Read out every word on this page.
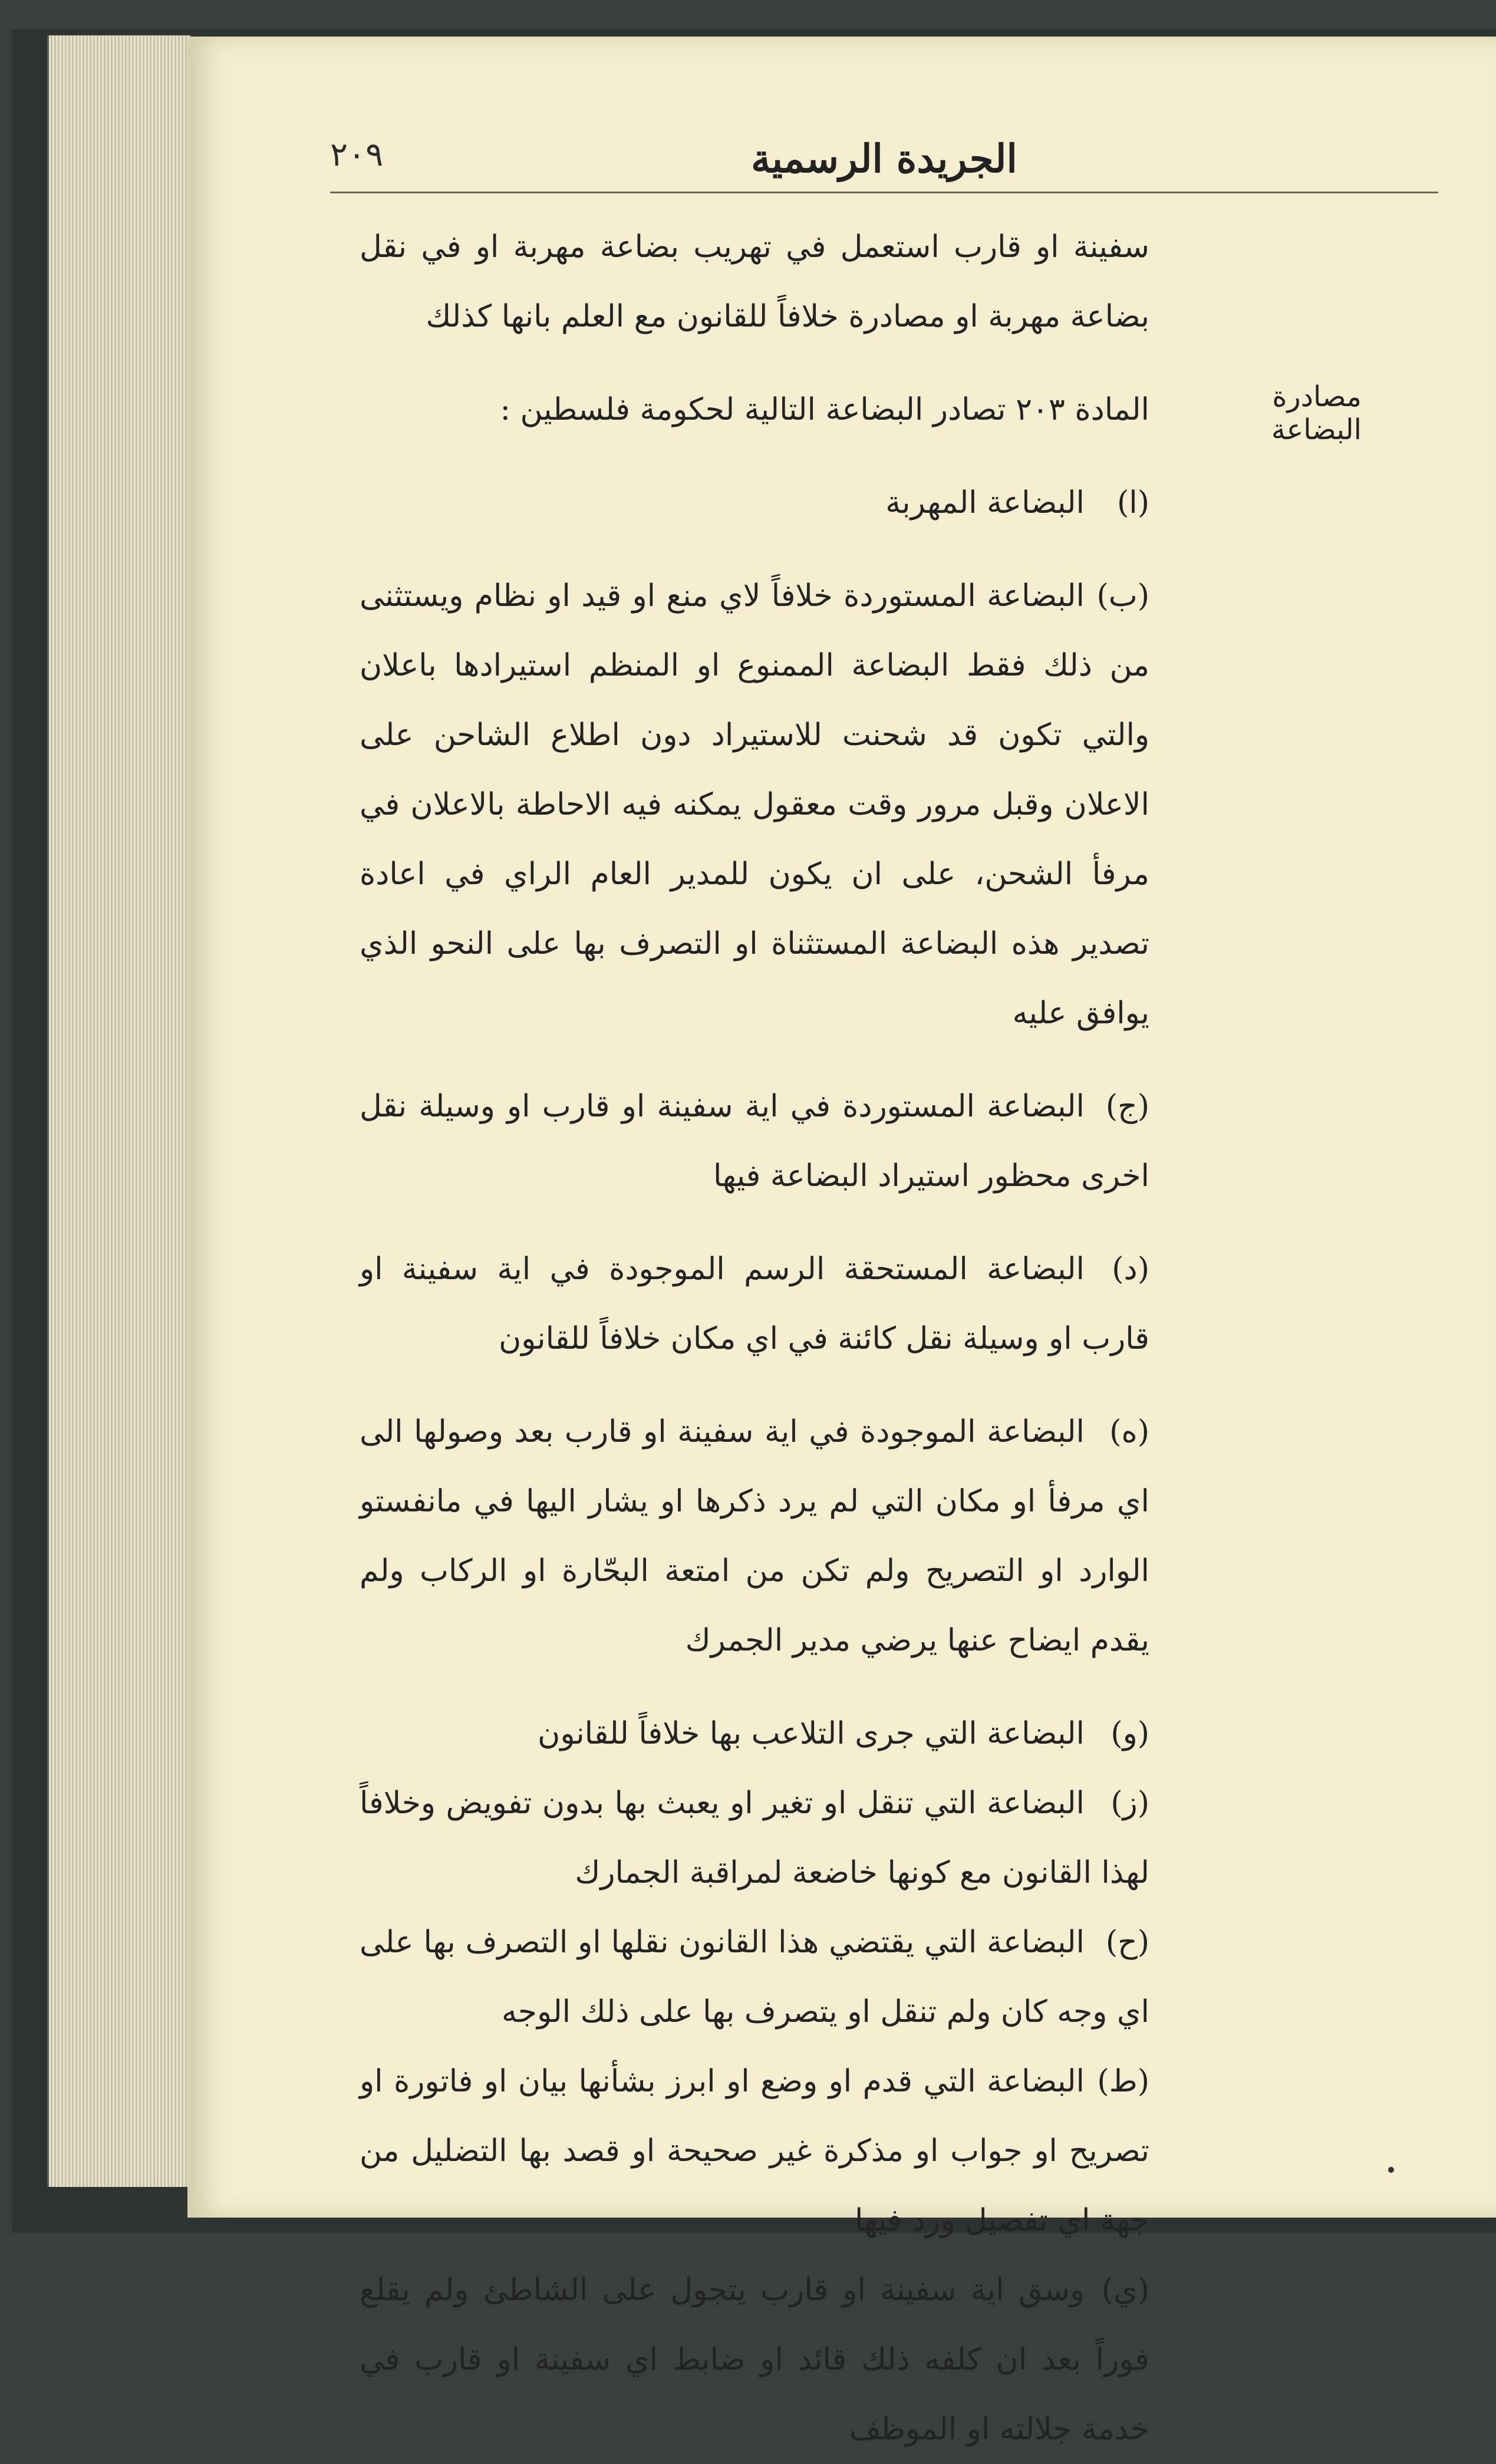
٢٠٩	الجريدة الرسمية
مصادرة البضاعة

سفينة او قارب استعمل في تهريب بضاعة مهربة او في نقل بضاعة مهربة او مصادرة خلافاً للقانون مع العلم بانها كذلك

المادة ٢٠٣ تصادر البضاعة التالية لحكومة فلسطين :

(ا)البضاعة المهربة

(ب)البضاعة المستوردة خلافاً لاي منع او قيد او نظام ويستثنى من ذلك فقط البضاعة الممنوع او المنظم استيرادها باعلان والتي تكون قد شحنت للاستيراد دون اطلاع الشاحن على الاعلان وقبل مرور وقت معقول يمكنه فيه الاحاطة بالاعلان في مرفأ الشحن، على ان يكون للمدير العام الراي في اعادة تصدير هذه البضاعة المستثناة او التصرف بها على النحو الذي يوافق عليه

(ج)البضاعة المستوردة في اية سفينة او قارب او وسيلة نقل اخرى محظور استيراد البضاعة فيها

(د)البضاعة المستحقة الرسم الموجودة في اية سفينة او قارب او وسيلة نقل كائنة في اي مكان خلافاً للقانون

(ه)البضاعة الموجودة في اية سفينة او قارب بعد وصولها الى اي مرفأ او مكان التي لم يرد ذكرها او يشار اليها في مانفستو الوارد او التصريح ولم تكن من امتعة البحّارة او الركاب ولم يقدم ايضاح عنها يرضي مدير الجمرك

(و)البضاعة التي جرى التلاعب بها خلافاً للقانون

(ز)البضاعة التي تنقل او تغير او يعبث بها بدون تفويض وخلافاً لهذا القانون مع كونها خاضعة لمراقبة الجمارك

(ح)البضاعة التي يقتضي هذا القانون نقلها او التصرف بها على اي وجه كان ولم تنقل او يتصرف بها على ذلك الوجه

(ط)البضاعة التي قدم او وضع او ابرز بشأنها بيان او فاتورة او تصريح او جواب او مذكرة غير صحيحة او قصد بها التضليل من جهة اي تفصيل ورد فيها

(ي)وسق اية سفينة او قارب يتجول على الشاطئ ولم يقلع فوراً بعد ان كلفه ذلك قائد او ضابط اي سفينة او قارب في خدمة جلالته او الموظف
